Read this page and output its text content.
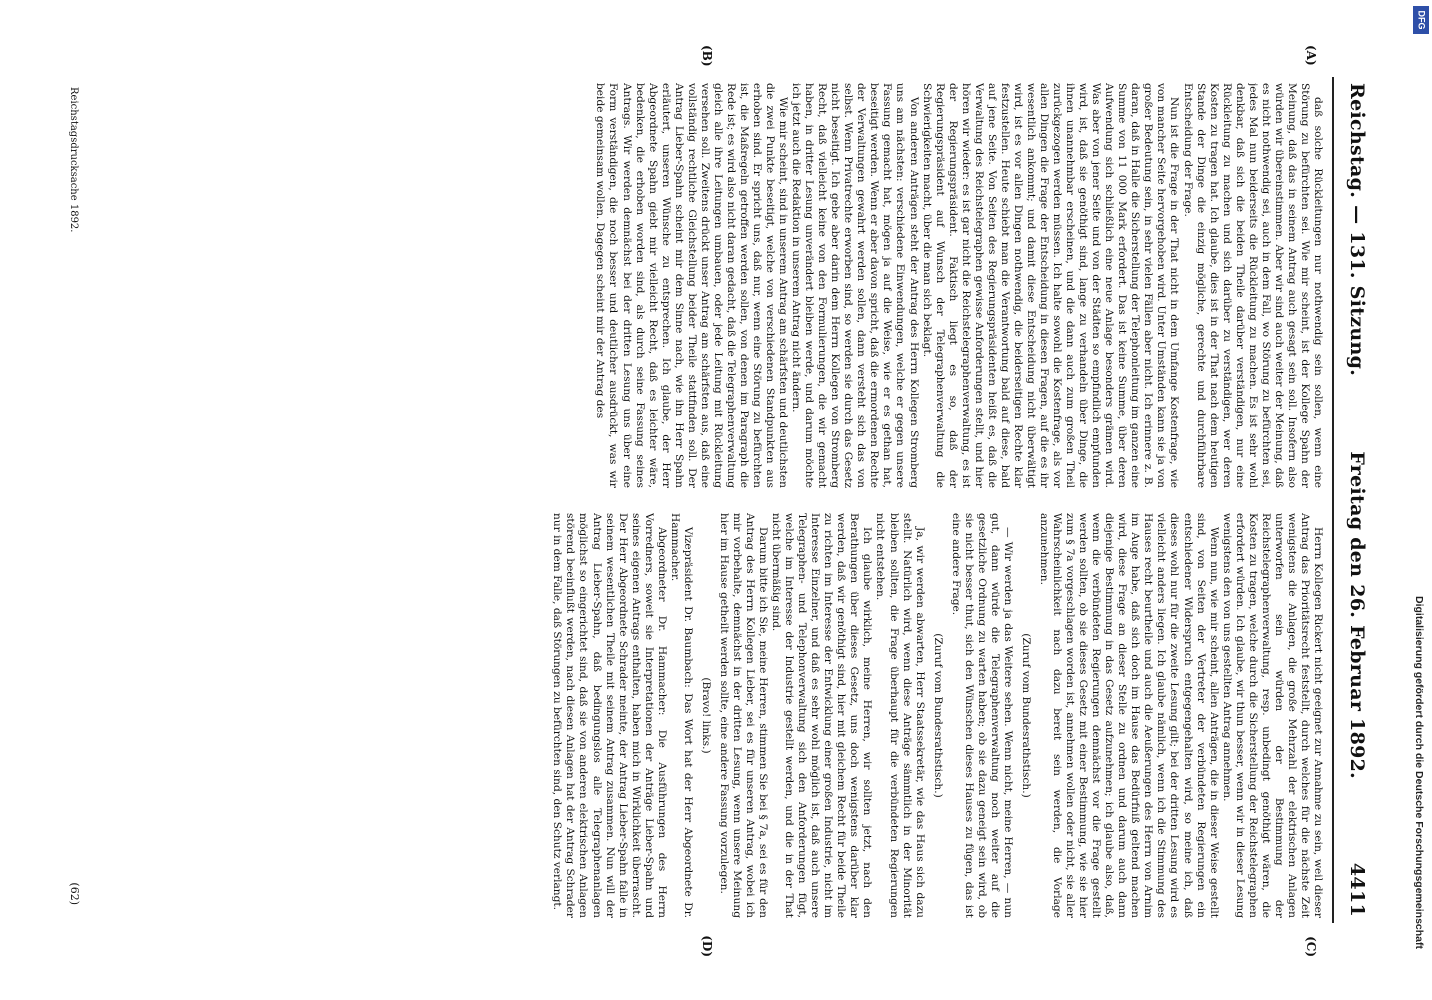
Reichstag. — 131. Sitzung.
Freitag den 26. Februar 1892.  4411
(A)
(B)
(C)
(D)

daß solche Rückleitungen nur nothwendig sein sollen, wenn eine Störung zu befürchten sei. Wie mir scheint, ist der Kollege Spahn der Meinung, daß das in seinem Antrag auch gesagt sein soll. Insofern also würden wir übereinstimmen. Aber wir sind auch weiter der Meinung, daß es nicht nothwendig sei, auch in dem Fall, wo Störung zu befürchten sei, jedes Mal nun beiderseits die Rückleitung zu machen. Es ist sehr wohl denkbar, daß sich die beiden Theile darüber verständigen, nur eine Rückleitung zu machen und sich darüber zu verständigen, wer deren Kosten zu tragen hat. Ich glaube, dies ist in der That nach dem heutigen Stande der Dinge die einzig mögliche, gerechte und durchführbare Entscheidung der Frage.

Nun ist die Frage in der That nicht in dem Umfange Kostenfrage, wie von mancher Seite hervorgehoben wird. Unter Umständen kann sie ja von großer Bedeutung sein, in sehr vielen Fällen aber nicht. Ich erinnere z. B. daran, daß in Halle die Sicherstellung der Telephonleitung im ganzen eine Summe von 11 000 Mark erfordert. Das ist keine Summe, über deren Aufwendung sich schließlich eine neue Anlage besonders grämen wird. Was aber von jener Seite und von der Städten so empfindlich empfunden wird, ist, daß sie genöthigt sind, lange zu verhandeln über Dinge, die ihnen unannehmbar erscheinen, und die dann auch zum großen Theil zurückgezogen werden müssen. Ich halte sowohl die Kostenfrage, als vor allen Dingen die Frage der Entscheidung in diesen Fragen, auf die es ihr wesentlich ankommt; und damit diese Entscheidung nicht überwältigt wird, ist es vor allen Dingen nothwendig, die beiderseitigen Rechte klar festzustellen. Heute schiebt man die Verantwortung bald auf diese, bald auf jene Seite. Von Seiten des Regierungspräsidenten heißt es, daß die Verwaltung des Reichstelegraphen gewisse Anforderungen stellt, und hier hören wir wieder: es ist gar nicht die Reichstelegraphenverwaltung, es ist der Regierungspräsident. Faktisch liegt es so, daß der Regierungspräsident auf Wunsch der Telegraphenverwaltung die Schwierigkeiten macht, über die man sich beklagt.

Von anderen Anträgen steht der Antrag des Herrn Kollegen Stromberg uns am nächsten: verschiedene Einwendungen, welche er gegen unsere Fassung gemacht hat, mögen ja auf die Weise, wie er es gethan hat, beseitigt werden. Wenn er aber davon spricht, daß die ermordenen Rechte der Verwaltungen gewahrt werden sollen, dann versteht sich das von selbst. Wenn Privatrechte erworben sind, so werden sie durch das Gesetz nicht beseitigt. Ich gebe aber darin dem Herrn Kollegen von Stromberg Recht, daß vielleicht keine von den Formulierungen, die wir gemacht haben, in dritter Lesung unverändert bleiben werde, und darum möchte ich jetzt auch die Redaktion in unserem Antrag nicht ändern.

Wie mir scheint, sind in unserem Antrag am schärfsten und deutlichsten die zwei Punkte beseitigt, welche von verschiedenen Standpunkten aus erhoben sind. Er spricht uns, daß nur, wenn eine Störung zu befürchten ist, die Maßregeln getroffen werden sollen, von denen im Paragraph die Rede ist; es wird also nicht daran gedacht, daß die Telegraphenverwaltung gleich alle ihre Leitungen umbauen, oder jede Leitung mit Rückleitung versehen soll. Zweitens drückt unser Antrag am schärfsten aus, daß eine vollständig rechtliche Gleichstellung beider Theile stattfinden soll. Der Antrag Lieber-Spahn scheint mir dem Sinne nach, wie ihn Herr Spahn erläutert, unseren Wünsche zu entsprechen. Ich glaube, der Herr Abgeordnete Spahn giebt mir vielleicht Recht, daß es leichter wäre, bedenken, die erhoben worden sind, als durch seine Fassung seines Antrags. Wir werden demnächst bei der dritten Lesung uns über eine Form verständigen, die noch besser und deutlicher ausdrückt, was wir beide gemeinsam wollen. Dagegen scheint mir der Antrag des

Herrn Kollegen Rickert nicht geeignet zur Annahme zu sein, weil dieser Antrag das Prioritätsrecht feststellt, durch welches für die nächste Zeit wenigstens die Anlagen, die große Mehrzahl der elektrischen Anlagen unterworfen sein würden der Bestimmung der Reichstelegraphenverwaltung, resp. unbedingt genöthigt wären, die Kosten zu tragen, welche durch die Sicherstellung der Reichstelegraphen erfordert würden. Ich glaube, wir thun besser, wenn wir in dieser Lesung wenigstens den von uns gestellten Antrag annehmen.

Wenn nun, wie mir scheint, allen Anträgen, die in dieser Weise gestellt sind, von Seiten der Vertreter der verbündeten Regierungen ein entschiedener Widerspruch entgegengehalten wird, so meine ich, daß dieses wohl nur für die zweite Lesung gilt; bei der dritten Lesung wird es vielleicht anders liegen. Ich glaube nämlich, wenn ich die Stimmung des Hauses recht beurtheile und auch die Aeußerungen des Herrn von Arnim im Auge habe, daß sich doch im Hause das Bedürfniß geltend machen wird, diese Frage an dieser Stelle zu ordnen und darum auch dann diejenige Bestimmung in das Gesetz aufzunehmen; ich glaube also, daß, wenn die verbündeten Regierungen demnächst vor die Frage gestellt werden sollten, ob sie dieses Gesetz mit einer Bestimmung, wie sie hier zum § 7a vorgeschlagen worden ist, annehmen wollen oder nicht, sie aller Wahrscheinlichkeit nach dazu bereit sein werden, die Vorlage anzunehmen.

(Zuruf vom Bundesrathstisch.)

— Wir werden ja das Weitere sehen. Wenn nicht, meine Herren, — nun gut, dann würde die Telegraphenverwaltung noch weiter auf die gesetzliche Ordnung zu warten haben; ob sie dazu geneigt sein wird, ob sie nicht besser thut, sich den Wünschen dieses Hauses zu fügen, das ist eine andere Frage.

(Zuruf vom Bundesrathstisch.)

Ja, wir werden abwarten, Herr Staatssekretär, wie das Haus sich dazu stellt. Natürlich wird, wenn diese Anträge sämmtlich in der Minorität bleiben sollten, die Frage überhaupt für die verbündeten Regierungen nicht entstehen.

Ich glaube wirklich, meine Herren, wir sollten jetzt, nach den Berathungen über dieses Gesetz, uns doch wenigstens darüber klar werden, daß wir genöthigt sind, hier mit gleichem Recht für beide Theile zu richten im Interesse der Entwicklung einer großen Industrie, nicht im Interesse Einzelner, und daß es sehr wohl möglich ist, daß auch unsere Telegraphen- und Telephonverwaltung sich den Anforderungen fügt, welche im Interesse der Industrie gestellt werden, und die in der That nicht übermäßig sind.

Darum bitte ich Sie, meine Herren, stimmen Sie bei § 7a, sei es für den Antrag des Herrn Kollegen Lieber, sei es für unseren Antrag, wobei ich mir vorbehalte, demnächst in der dritten Lesung, wenn unsere Meinung hier im Hause getheilt werden sollte, eine andere Fassung vorzulegen.

(Bravo! links.)

Vizepräsident Dr. Baumbach: Das Wort hat der Herr Abgeordnete Dr. Hammacher.

Abgeordneter Dr. Hammacher: Die Ausführungen des Herrn Vorredners, soweit sie Interpretationen der Anträge Lieber-Spahn und seines eigenen Antrags enthalten, haben mich in Wirklichkeit überrascht. Der Herr Abgeordnete Schrader meinte, der Antrag Lieber-Spahn falle in seinem wesentlichen Theile mit seinem Antrag zusammen. Nun will der Antrag Lieber-Spahn, daß bedingungslos alle Telegraphenanlagen möglichst so eingerichtet sind, daß sie von anderen elektrischen Anlagen störend beeinflußt werden, nach diesen Anlagen hat der Antrag Schrader nur in dem Falle, daß Störungen zu befürchten sind, den Schutz verlangt.

Reichstagsdrucksache 1892.
(62)	Digitalisierung gefördert durch die Deutsche Forschungsgemeinschaft
DFG
